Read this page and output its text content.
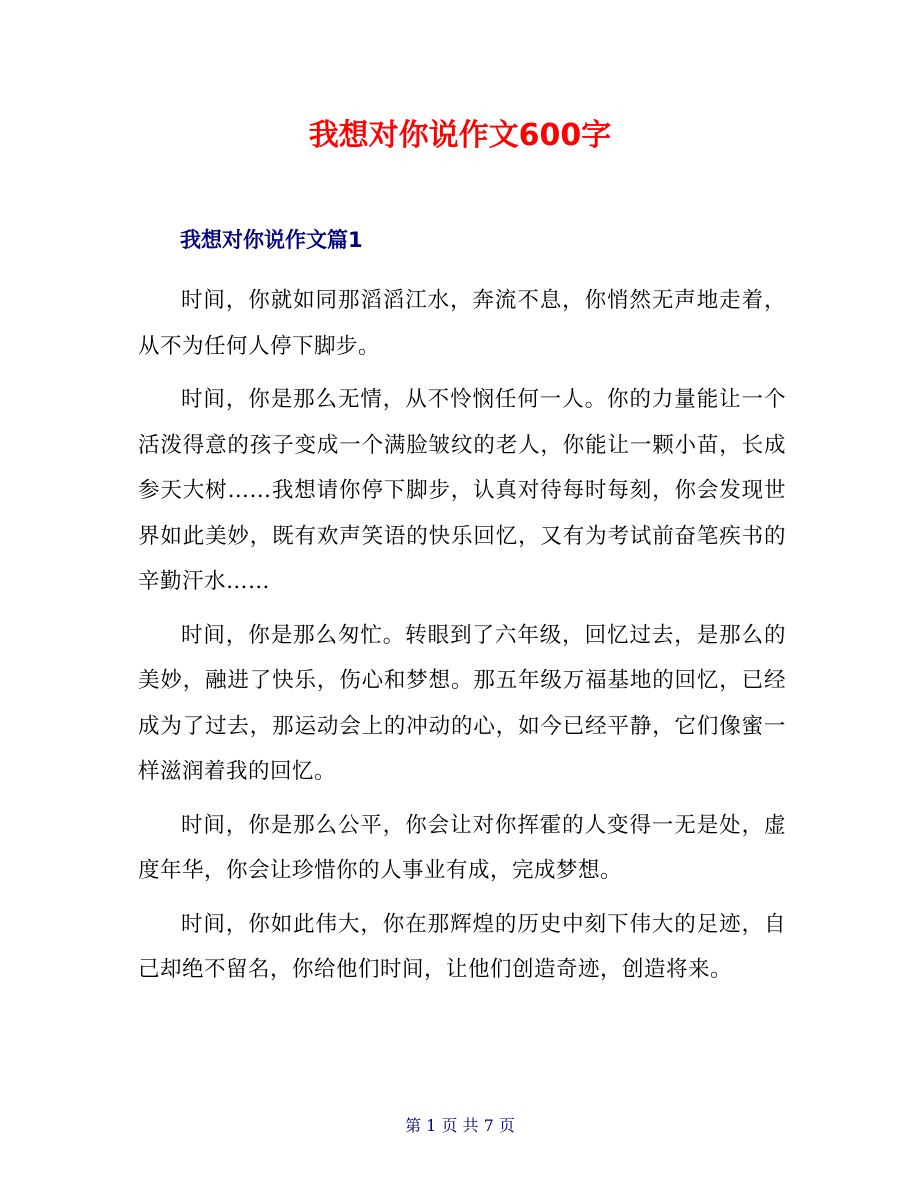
我想对你说作文600字
我想对你说作文篇1

时间，你就如同那滔滔江水，奔流不息，你悄然无声地走着，从不为任何人停下脚步。

时间，你是那么无情，从不怜悯任何一人。你的力量能让一个活泼得意的孩子变成一个满脸皱纹的老人，你能让一颗小苗，长成参天大树……我想请你停下脚步，认真对待每时每刻，你会发现世界如此美妙，既有欢声笑语的快乐回忆，又有为考试前奋笔疾书的辛勤汗水……

时间，你是那么匆忙。转眼到了六年级，回忆过去，是那么的美妙，融进了快乐，伤心和梦想。那五年级万福基地的回忆，已经成为了过去，那运动会上的冲动的心，如今已经平静，它们像蜜一样滋润着我的回忆。

时间，你是那么公平，你会让对你挥霍的人变得一无是处，虚度年华，你会让珍惜你的人事业有成，完成梦想。

时间，你如此伟大，你在那辉煌的历史中刻下伟大的足迹，自己却绝不留名，你给他们时间，让他们创造奇迹，创造将来。

第 1 页 共 7 页
